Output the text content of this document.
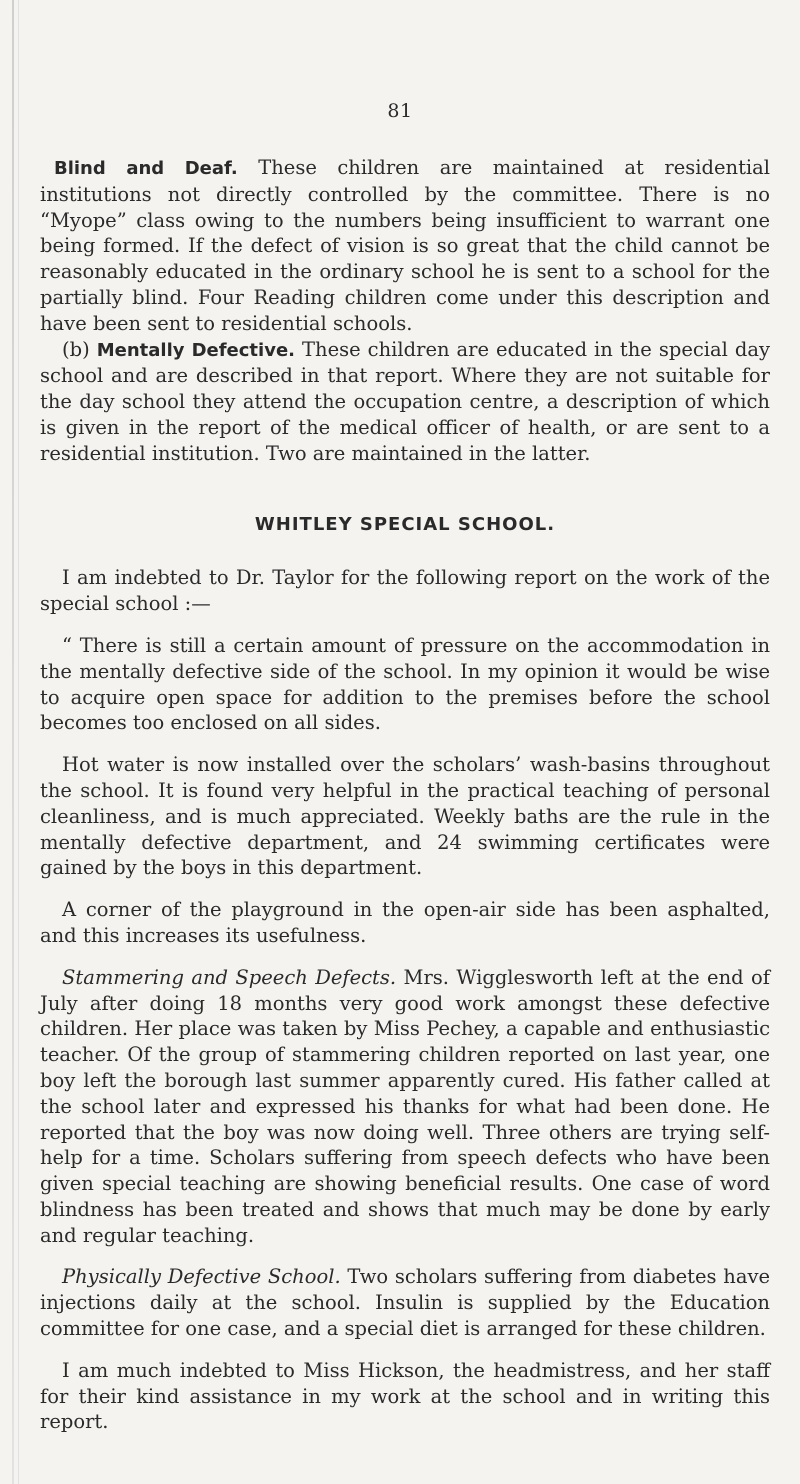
81

Blind and Deaf. These children are maintained at residential institutions not directly controlled by the committee. There is no “Myope” class owing to the numbers being insufficient to warrant one being formed. If the defect of vision is so great that the child cannot be reasonably educated in the ordinary school he is sent to a school for the partially blind. Four Reading children come under this description and have been sent to residential schools.

(b) Mentally Defective. These children are educated in the special day school and are described in that report. Where they are not suitable for the day school they attend the occupation centre, a description of which is given in the report of the medical officer of health, or are sent to a residential institution. Two are maintained in the latter.

WHITLEY SPECIAL SCHOOL.

I am indebted to Dr. Taylor for the following report on the work of the special school :—

“ There is still a certain amount of pressure on the accommodation in the mentally defective side of the school. In my opinion it would be wise to acquire open space for addition to the premises before the school becomes too enclosed on all sides.

Hot water is now installed over the scholars’ wash-basins throughout the school. It is found very helpful in the practical teaching of personal cleanliness, and is much appreciated. Weekly baths are the rule in the mentally defective department, and 24 swimming certificates were gained by the boys in this department.

A corner of the playground in the open-air side has been asphalted, and this increases its usefulness.

Stammering and Speech Defects. Mrs. Wigglesworth left at the end of July after doing 18 months very good work amongst these defective children. Her place was taken by Miss Pechey, a capable and enthusiastic teacher. Of the group of stammering children reported on last year, one boy left the borough last summer apparently cured. His father called at the school later and expressed his thanks for what had been done. He reported that the boy was now doing well. Three others are trying self-help for a time. Scholars suffering from speech defects who have been given special teaching are showing beneficial results. One case of word blindness has been treated and shows that much may be done by early and regular teaching.

Physically Defective School. Two scholars suffering from diabetes have injections daily at the school. Insulin is supplied by the Education committee for one case, and a special diet is arranged for these children.

I am much indebted to Miss Hickson, the headmistress, and her staff for their kind assistance in my work at the school and in writing this report.
